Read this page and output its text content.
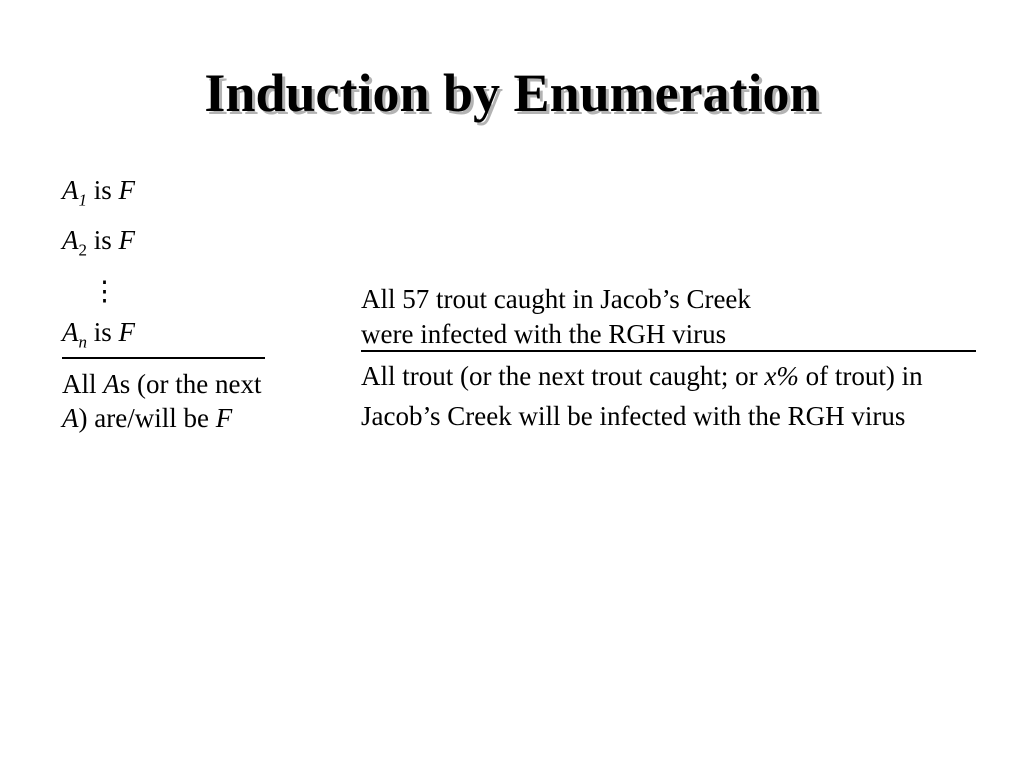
Induction by Enumeration
$A_1$ is F
$A_2$ is F
⋮
$A_n$ is F
All As (or the next A) are/will be F
All 57 trout caught in Jacob’s Creek
were infected with the RGH virus
All trout (or the next trout caught; or x% of trout) in Jacob’s Creek will be infected with the RGH virus
